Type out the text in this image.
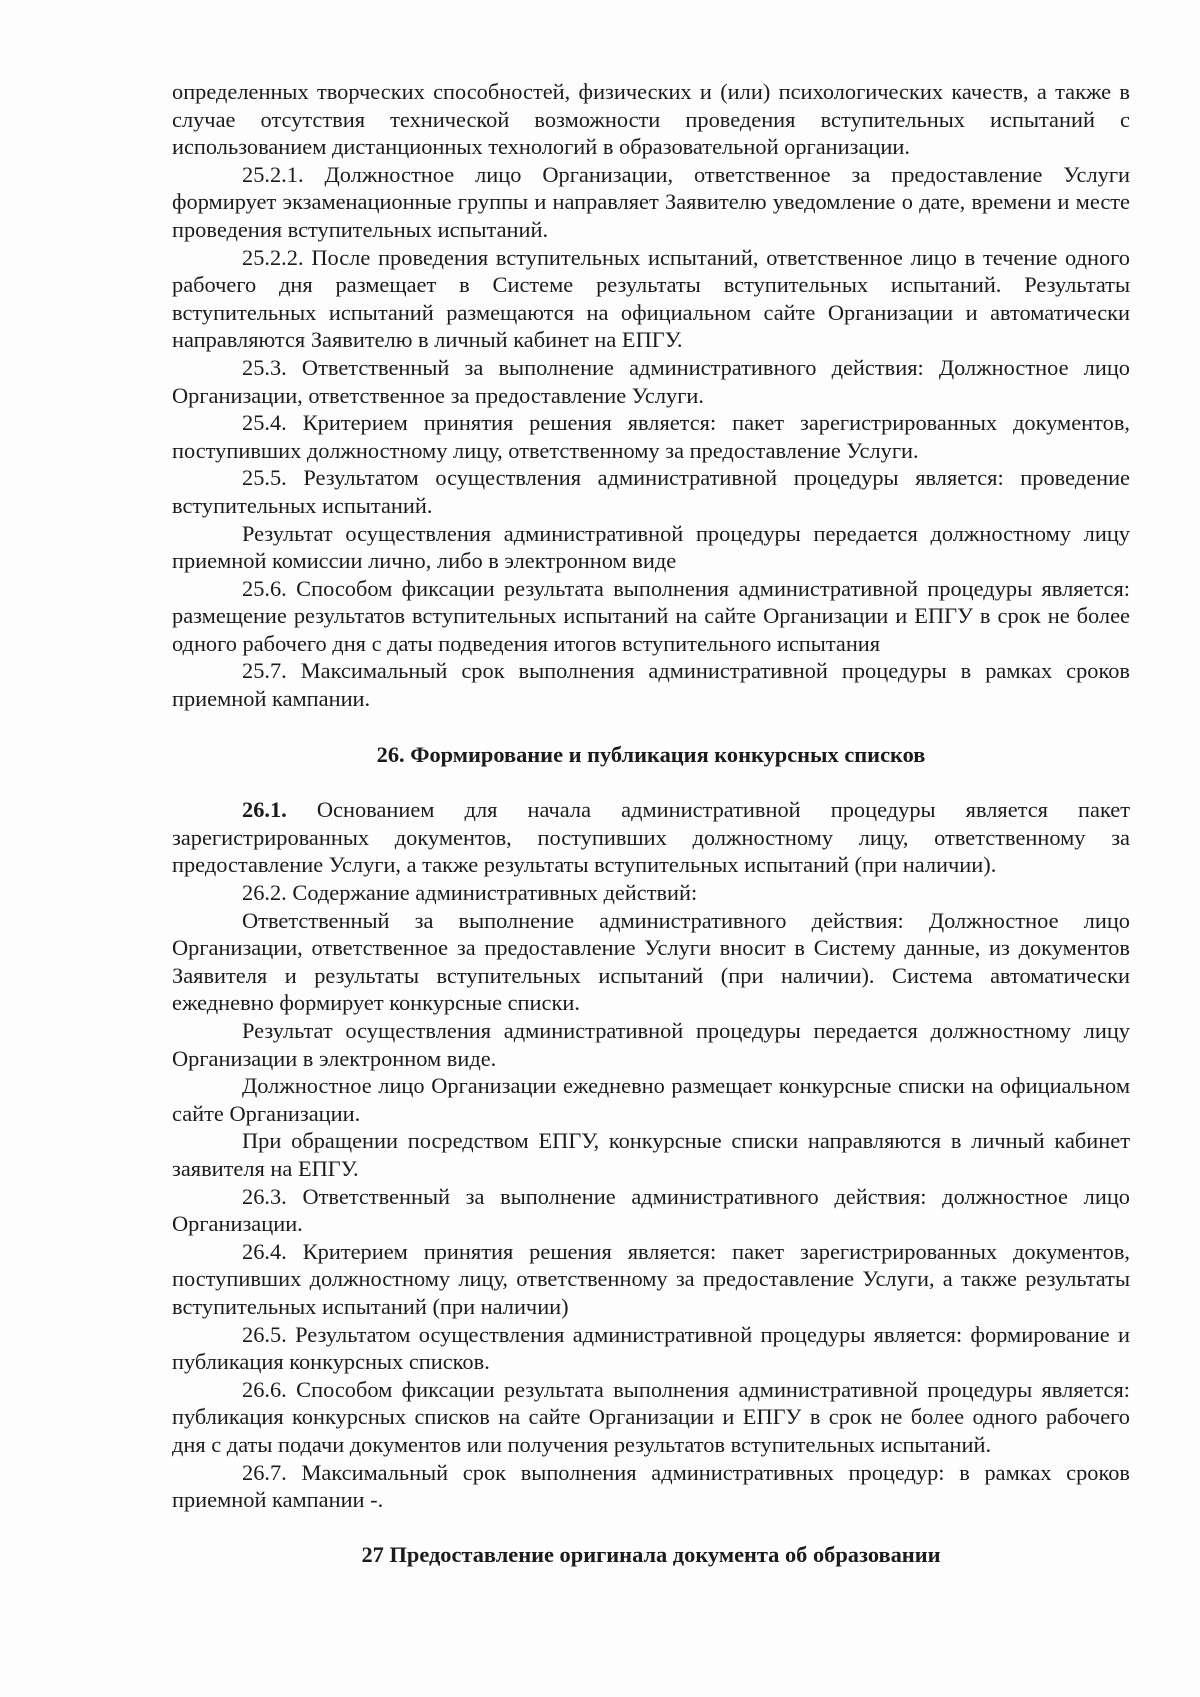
определенных творческих способностей, физических и (или) психологических качеств, а также в случае отсутствия технической возможности проведения вступительных испытаний с использованием дистанционных технологий в образовательной организации.

25.2.1. Должностное лицо Организации, ответственное за предоставление Услуги формирует экзаменационные группы и направляет Заявителю уведомление о дате, времени и месте проведения вступительных испытаний.

25.2.2. После проведения вступительных испытаний, ответственное лицо в течение одного рабочего дня размещает в Системе результаты вступительных испытаний. Результаты вступительных испытаний размещаются на официальном сайте Организации и автоматически направляются Заявителю в личный кабинет на ЕПГУ.

25.3. Ответственный за выполнение административного действия: Должностное лицо Организации, ответственное за предоставление Услуги.

25.4. Критерием принятия решения является: пакет зарегистрированных документов, поступивших должностному лицу, ответственному за предоставление Услуги.

25.5. Результатом осуществления административной процедуры является: проведение вступительных испытаний.

Результат осуществления административной процедуры передается должностному лицу приемной комиссии лично, либо в электронном виде

25.6. Способом фиксации результата выполнения административной процедуры является: размещение результатов вступительных испытаний на сайте Организации и ЕПГУ в срок не более одного рабочего дня с даты подведения итогов вступительного испытания

25.7. Максимальный срок выполнения административной процедуры в рамках сроков приемной кампании.

26. Формирование и публикация конкурсных списков

26.1. Основанием для начала административной процедуры является пакет зарегистрированных документов, поступивших должностному лицу, ответственному за предоставление Услуги, а также результаты вступительных испытаний (при наличии).

26.2. Содержание административных действий:

Ответственный за выполнение административного действия: Должностное лицо Организации, ответственное за предоставление Услуги вносит в Систему данные, из документов Заявителя и результаты вступительных испытаний (при наличии). Система автоматически ежедневно формирует конкурсные списки.

Результат осуществления административной процедуры передается должностному лицу Организации в электронном виде.

Должностное лицо Организации ежедневно размещает конкурсные списки на официальном сайте Организации.

При обращении посредством ЕПГУ, конкурсные списки направляются в личный кабинет заявителя на ЕПГУ.

26.3. Ответственный за выполнение административного действия: должностное лицо Организации.

26.4. Критерием принятия решения является: пакет зарегистрированных документов, поступивших должностному лицу, ответственному за предоставление Услуги, а также результаты вступительных испытаний (при наличии)

26.5. Результатом осуществления административной процедуры является: формирование и публикация конкурсных списков.

26.6. Способом фиксации результата выполнения административной процедуры является: публикация конкурсных списков на сайте Организации и ЕПГУ в срок не более одного рабочего дня с даты подачи документов или получения результатов вступительных испытаний.

26.7. Максимальный срок выполнения административных процедур: в рамках сроков приемной кампании -.

27 Предоставление оригинала документа об образовании
